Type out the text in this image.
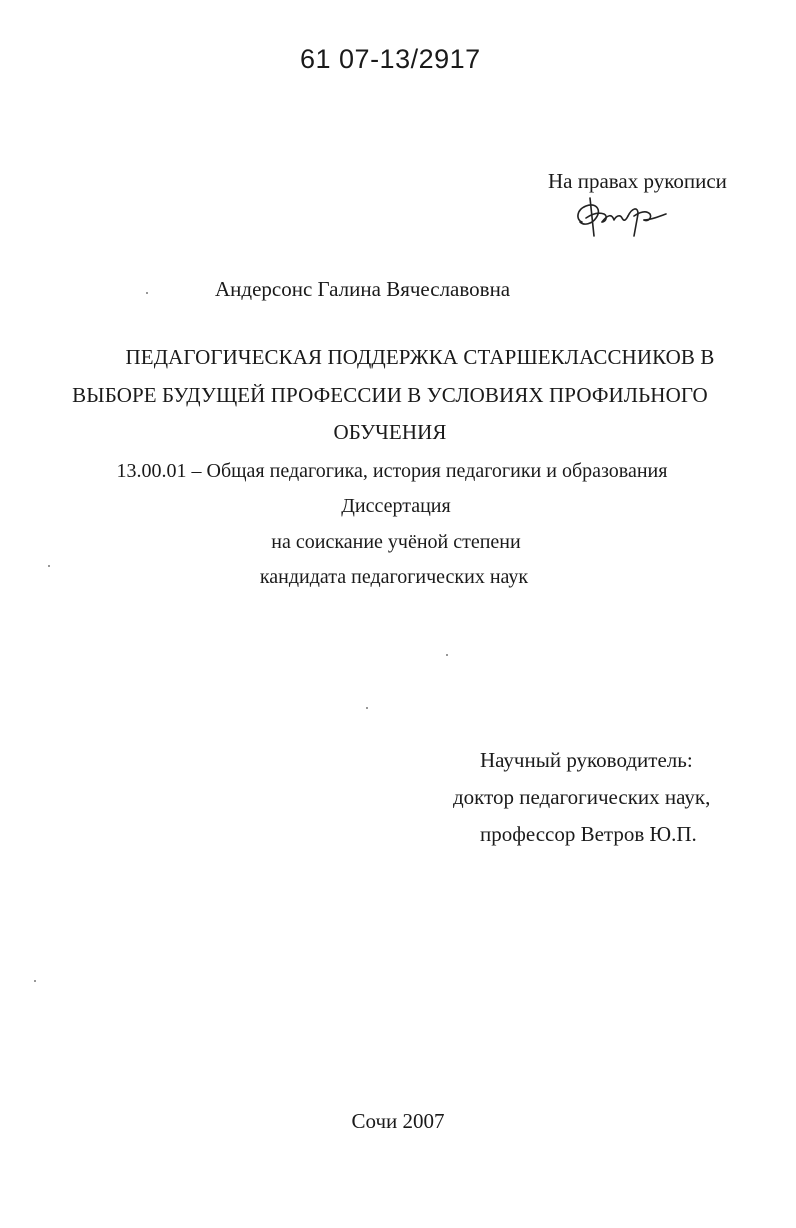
61 07-13/2917
На правах рукописи
Андерсонс Галина Вячеславовна
ПЕДАГОГИЧЕСКАЯ ПОДДЕРЖКА СТАРШЕКЛАССНИКОВ В
ВЫБОРЕ БУДУЩЕЙ ПРОФЕССИИ В УСЛОВИЯХ ПРОФИЛЬНОГО
ОБУЧЕНИЯ
13.00.01 – Общая педагогика, история педагогики и образования
Диссертация
на соискание учёной степени
кандидата педагогических наук
Научный руководитель:
доктор педагогических наук,
профессор Ветров Ю.П.
Сочи 2007
